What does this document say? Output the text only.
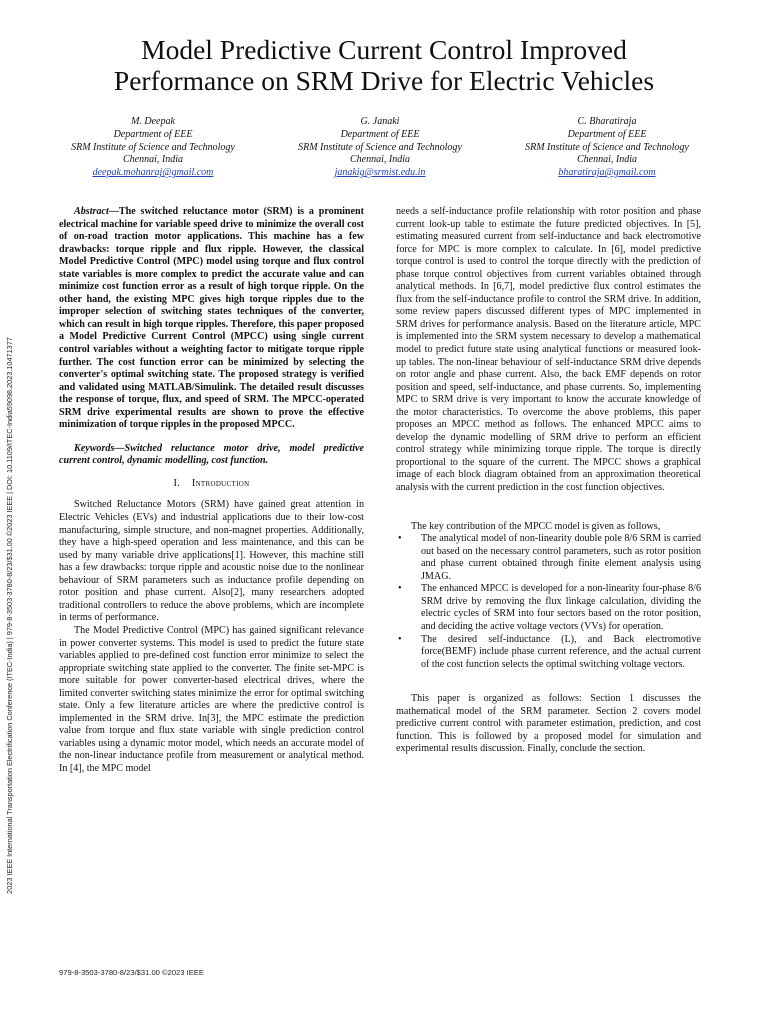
2023 IEEE International Transportation Electrification Conference (ITEC-India) | 979-8-3503-3780-8/23/$31.00 ©2023 IEEE | DOI: 10.1109/ITEC-India59098.2023.10471377
Model Predictive Current Control Improved
Performance on SRM Drive for Electric Vehicles
M. Deepak
Department of EEE
SRM Institute of Science and Technology
Chennai, India
deepak.mohanraj@gmail.com
G. Janaki
Department of EEE
SRM Institute of Science and Technology
Chennai, India
janakig@srmist.edu.in
C. Bharatiraja
Department of EEE
SRM Institute of Science and Technology
Chennai, India
bharatiraja@gmail.com

Abstract—The switched reluctance motor (SRM) is a prominent electrical machine for variable speed drive to minimize the overall cost of on-road traction motor applications. This machine has a few drawbacks: torque ripple and flux ripple. However, the classical Model Predictive Control (MPC) model using torque and flux control state variables is more complex to predict the accurate value and can minimize cost function error as a result of high torque ripple. On the other hand, the existing MPC gives high torque ripples due to the improper selection of switching states techniques of the converter, which can result in high torque ripples. Therefore, this paper proposed a Model Predictive Current Control (MPCC) using single current control variables without a weighting factor to mitigate torque ripple further. The cost function error can be minimized by selecting the converter's optimal switching state. The proposed strategy is verified and validated using MATLAB/Simulink. The detailed result discusses the response of torque, flux, and speed of SRM. The MPCC-operated SRM drive experimental results are shown to prove the effective minimization of torque ripples in the proposed MPCC.

Keywords—Switched reluctance motor drive, model predictive current control, dynamic modelling, cost function.

I. Introduction

Switched Reluctance Motors (SRM) have gained great attention in Electric Vehicles (EVs) and industrial applications due to their low-cost manufacturing, simple structure, and non-magnet properties. Additionally, they have a high-speed operation and less maintenance, and this can be used by many variable drive applications[1]. However, this machine still has a few drawbacks: torque ripple and acoustic noise due to the nonlinear behaviour of SRM parameters such as inductance profile depending on rotor position and phase current. Also[2], many researchers adopted traditional controllers to reduce the above problems, which are incomplete in terms of performance.

The Model Predictive Control (MPC) has gained significant relevance in power converter systems. This model is used to predict the future state variables applied to pre-defined cost function error minimize to select the appropriate switching state applied to the converter. The finite set-MPC is more suitable for power converter-based electrical drives, where the limited converter switching states minimize the error for optimal switching state. Only a few literature articles are where the predictive control is implemented in the SRM drive. In[3], the MPC estimate the prediction value from torque and flux state variable with single prediction control variables using a dynamic motor model, which needs an accurate model of the non-linear inductance profile from measurement or analytical method. In [4], the MPC model

needs a self-inductance profile relationship with rotor position and phase current look-up table to estimate the future predicted objectives. In [5], estimating measured current from self-inductance and back electromotive force for MPC is more complex to calculate. In [6], model predictive torque control is used to control the torque directly with the prediction of phase torque control objectives from current variables obtained through analytical methods. In [6,7], model predictive flux control estimates the flux from the self-inductance profile to control the SRM drive. In addition, some review papers discussed different types of MPC implemented in SRM drives for performance analysis. Based on the literature article, MPC is implemented into the SRM system necessary to develop a mathematical model to predict future state using analytical functions or measured look-up tables. The non-linear behaviour of self-inductance SRM drive depends on rotor angle and phase current. Also, the back EMF depends on rotor position and speed, self-inductance, and phase currents. So, implementing MPC to SRM drive is very important to know the accurate knowledge of the motor characteristics. To overcome the above problems, this paper proposes an MPCC method as follows. The enhanced MPCC aims to develop the dynamic modelling of SRM drive to perform an efficient control strategy while minimizing torque ripple. The torque is directly proportional to the square of the current. The MPCC shows a graphical image of each block diagram obtained from an approximation theoretical analysis with the current prediction in the cost function objectives.

The key contribution of the MPCC model is given as follows,

• The analytical model of non-linearity double pole 8/6 SRM is carried out based on the necessary control parameters, such as rotor position and phase current obtained through finite element analysis using JMAG.
• The enhanced MPCC is developed for a non-linearity four-phase 8/6 SRM drive by removing the flux linkage calculation, dividing the electric cycles of SRM into four sectors based on the rotor position, and deciding the active voltage vectors (VVs) for operation.
• The desired self-inductance (L), and Back electromotive force(BEMF) include phase current reference, and the actual current of the cost function selects the optimal switching voltage vectors.

This paper is organized as follows: Section 1 discusses the mathematical model of the SRM parameter. Section 2 covers model predictive current control with parameter estimation, prediction, and cost function. This is followed by a proposed model for simulation and experimental results discussion. Finally, conclude the section.

979-8-3503-3780-8/23/$31.00 ©2023 IEEE
